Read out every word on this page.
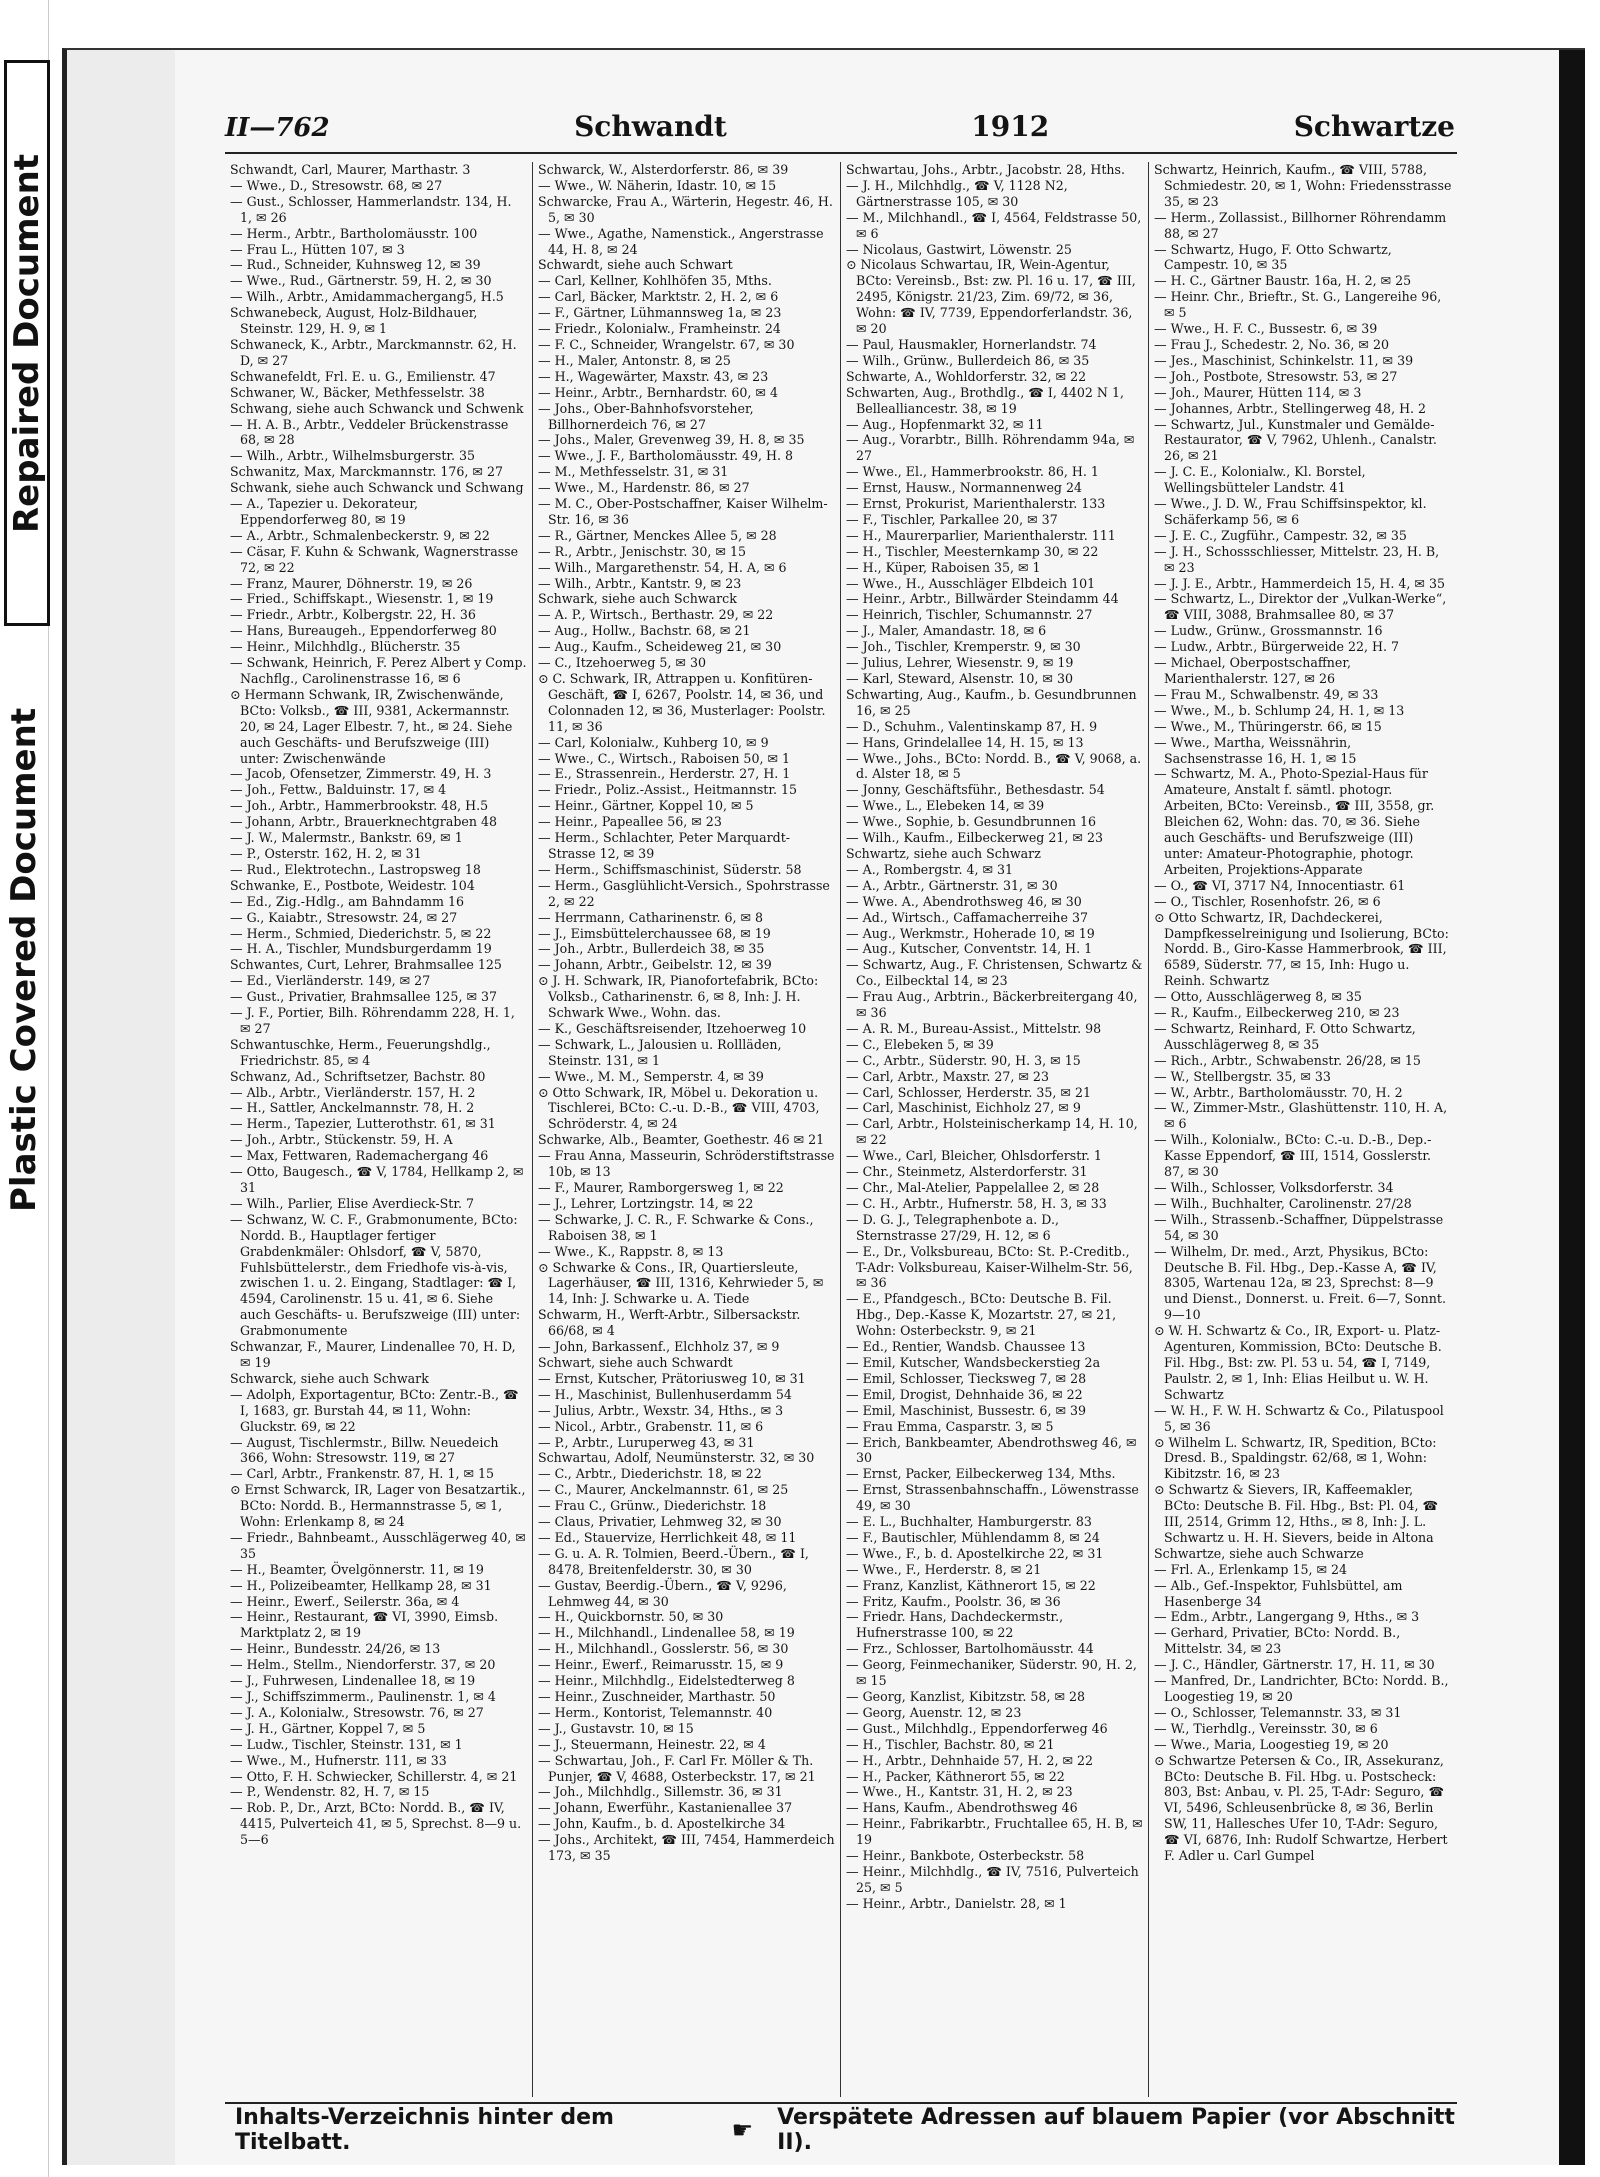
Repaired Document
Plastic Covered Document
II—762	Schwandt	1912	Schwartze
Schwandt, Carl, Maurer, Marthastr. 3
— Wwe., D., Stresowstr. 68, ✉ 27
— Gust., Schlosser, Hammerlandstr. 134, H. 1, ✉ 26
— Herm., Arbtr., Bartholomäusstr. 100
— Frau L., Hütten 107, ✉ 3
— Rud., Schneider, Kuhnsweg 12, ✉ 39
— Wwe., Rud., Gärtnerstr. 59, H. 2, ✉ 30
— Wilh., Arbtr., Amidammachergang5, H.5
Schwanebeck, August, Holz-Bildhauer, Steinstr. 129, H. 9, ✉ 1
Schwaneck, K., Arbtr., Marckmannstr. 62, H. D, ✉ 27
Schwanefeldt, Frl. E. u. G., Emilienstr. 47
Schwaner, W., Bäcker, Methfesselstr. 38
Schwang, siehe auch Schwanck und Schwenk
— H. A. B., Arbtr., Veddeler Brückenstrasse 68, ✉ 28
— Wilh., Arbtr., Wilhelmsburgerstr. 35
Schwanitz, Max, Marckmannstr. 176, ✉ 27
Schwank, siehe auch Schwanck und Schwang
— A., Tapezier u. Dekorateur, Eppendorferweg 80, ✉ 19
— A., Arbtr., Schmalenbeckerstr. 9, ✉ 22
— Cäsar, F. Kuhn & Schwank, Wagnerstrasse 72, ✉ 22
— Franz, Maurer, Döhnerstr. 19, ✉ 26
— Fried., Schiffskapt., Wiesenstr. 1, ✉ 19
— Friedr., Arbtr., Kolbergstr. 22, H. 36
— Hans, Bureaugeh., Eppendorferweg 80
— Heinr., Milchhdlg., Blücherstr. 35
— Schwank, Heinrich, F. Perez Albert y Comp. Nachflg., Carolinenstrasse 16, ✉ 6
⊙ Hermann Schwank, IR, Zwischenwände, BCto: Volksb., ☎ III, 9381, Ackermannstr. 20, ✉ 24, Lager Elbestr. 7, ht., ✉ 24. Siehe auch Geschäfts- und Berufszweige (III) unter: Zwischenwände
— Jacob, Ofensetzer, Zimmerstr. 49, H. 3
— Joh., Fettw., Balduinstr. 17, ✉ 4
— Joh., Arbtr., Hammerbrookstr. 48, H.5
— Johann, Arbtr., Brauerknechtgraben 48
— J. W., Malermstr., Bankstr. 69, ✉ 1
— P., Osterstr. 162, H. 2, ✉ 31
— Rud., Elektrotechn., Lastropsweg 18
Schwanke, E., Postbote, Weidestr. 104
— Ed., Zig.-Hdlg., am Bahndamm 16
— G., Kaiabtr., Stresowstr. 24, ✉ 27
— Herm., Schmied, Diederichstr. 5, ✉ 22
— H. A., Tischler, Mundsburgerdamm 19
Schwantes, Curt, Lehrer, Brahmsallee 125
— Ed., Vierländerstr. 149, ✉ 27
— Gust., Privatier, Brahmsallee 125, ✉ 37
— J. F., Portier, Bilh. Röhrendamm 228, H. 1, ✉ 27
Schwantuschke, Herm., Feuerungshdlg., Friedrichstr. 85, ✉ 4
Schwanz, Ad., Schriftsetzer, Bachstr. 80
— Alb., Arbtr., Vierländerstr. 157, H. 2
— H., Sattler, Anckelmannstr. 78, H. 2
— Herm., Tapezier, Lutterothstr. 61, ✉ 31
— Joh., Arbtr., Stückenstr. 59, H. A
— Max, Fettwaren, Rademachergang 46
— Otto, Baugesch., ☎ V, 1784, Hellkamp 2, ✉ 31
— Wilh., Parlier, Elise Averdieck-Str. 7
— Schwanz, W. C. F., Grabmonumente, BCto: Nordd. B., Hauptlager fertiger Grabdenkmäler: Ohlsdorf, ☎ V, 5870, Fuhlsbüttelerstr., dem Friedhofe vis-à-vis, zwischen 1. u. 2. Eingang, Stadtlager: ☎ I, 4594, Carolinenstr. 15 u. 41, ✉ 6. Siehe auch Geschäfts- u. Berufszweige (III) unter: Grabmonumente
Schwanzar, F., Maurer, Lindenallee 70, H. D, ✉ 19
Schwarck, siehe auch Schwark
— Adolph, Exportagentur, BCto: Zentr.-B., ☎ I, 1683, gr. Burstah 44, ✉ 11, Wohn: Gluckstr. 69, ✉ 22
— August, Tischlermstr., Billw. Neuedeich 366, Wohn: Stresowstr. 119, ✉ 27
— Carl, Arbtr., Frankenstr. 87, H. 1, ✉ 15
⊙ Ernst Schwarck, IR, Lager von Besatzartik., BCto: Nordd. B., Hermannstrasse 5, ✉ 1, Wohn: Erlenkamp 8, ✉ 24
— Friedr., Bahnbeamt., Ausschlägerweg 40, ✉ 35
— H., Beamter, Övelgönnerstr. 11, ✉ 19
— H., Polizeibeamter, Hellkamp 28, ✉ 31
— Heinr., Ewerf., Seilerstr. 36a, ✉ 4
— Heinr., Restaurant, ☎ VI, 3990, Eimsb. Marktplatz 2, ✉ 19
— Heinr., Bundesstr. 24/26, ✉ 13
— Helm., Stellm., Niendorferstr. 37, ✉ 20
— J., Fuhrwesen, Lindenallee 18, ✉ 19
— J., Schiffszimmerm., Paulinenstr. 1, ✉ 4
— J. A., Kolonialw., Stresowstr. 76, ✉ 27
— J. H., Gärtner, Koppel 7, ✉ 5
— Ludw., Tischler, Steinstr. 131, ✉ 1
— Wwe., M., Hufnerstr. 111, ✉ 33
— Otto, F. H. Schwiecker, Schillerstr. 4, ✉ 21
— P., Wendenstr. 82, H. 7, ✉ 15
— Rob. P., Dr., Arzt, BCto: Nordd. B., ☎ IV, 4415, Pulverteich 41, ✉ 5, Sprechst. 8—9 u. 5—6
Schwarck, W., Alsterdorferstr. 86, ✉ 39
— Wwe., W. Näherin, Idastr. 10, ✉ 15
Schwarcke, Frau A., Wärterin, Hegestr. 46, H. 5, ✉ 30
— Wwe., Agathe, Namenstick., Angerstrasse 44, H. 8, ✉ 24
Schwardt, siehe auch Schwart
— Carl, Kellner, Kohlhöfen 35, Mths.
— Carl, Bäcker, Marktstr. 2, H. 2, ✉ 6
— F., Gärtner, Lühmannsweg 1a, ✉ 23
— Friedr., Kolonialw., Framheinstr. 24
— F. C., Schneider, Wrangelstr. 67, ✉ 30
— H., Maler, Antonstr. 8, ✉ 25
— H., Wagewärter, Maxstr. 43, ✉ 23
— Heinr., Arbtr., Bernhardstr. 60, ✉ 4
— Johs., Ober-Bahnhofsvorsteher, Billhornerdeich 76, ✉ 27
— Johs., Maler, Grevenweg 39, H. 8, ✉ 35
— Wwe., J. F., Bartholomäusstr. 49, H. 8
— M., Methfesselstr. 31, ✉ 31
— Wwe., M., Hardenstr. 86, ✉ 27
— M. C., Ober-Postschaffner, Kaiser Wilhelm-Str. 16, ✉ 36
— R., Gärtner, Menckes Allee 5, ✉ 28
— R., Arbtr., Jenischstr. 30, ✉ 15
— Wilh., Margarethenstr. 54, H. A, ✉ 6
— Wilh., Arbtr., Kantstr. 9, ✉ 23
Schwark, siehe auch Schwarck
— A. P., Wirtsch., Berthastr. 29, ✉ 22
— Aug., Hollw., Bachstr. 68, ✉ 21
— Aug., Kaufm., Scheideweg 21, ✉ 30
— C., Itzehoerweg 5, ✉ 30
⊙ C. Schwark, IR, Attrappen u. Konfitüren-Geschäft, ☎ I, 6267, Poolstr. 14, ✉ 36, und Colonnaden 12, ✉ 36, Musterlager: Poolstr. 11, ✉ 36
— Carl, Kolonialw., Kuhberg 10, ✉ 9
— Wwe., C., Wirtsch., Raboisen 50, ✉ 1
— E., Strassenrein., Herderstr. 27, H. 1
— Friedr., Poliz.-Assist., Heitmannstr. 15
— Heinr., Gärtner, Koppel 10, ✉ 5
— Heinr., Papeallee 56, ✉ 23
— Herm., Schlachter, Peter Marquardt-Strasse 12, ✉ 39
— Herm., Schiffsmaschinist, Süderstr. 58
— Herm., Gasglühlicht-Versich., Spohrstrasse 2, ✉ 22
— Herrmann, Catharinenstr. 6, ✉ 8
— J., Eimsbüttelerchaussee 68, ✉ 19
— Joh., Arbtr., Bullerdeich 38, ✉ 35
— Johann, Arbtr., Geibelstr. 12, ✉ 39
⊙ J. H. Schwark, IR, Pianofortefabrik, BCto: Volksb., Catharinenstr. 6, ✉ 8, Inh: J. H. Schwark Wwe., Wohn. das.
— K., Geschäftsreisender, Itzehoerweg 10
— Schwark, L., Jalousien u. Rollläden, Steinstr. 131, ✉ 1
— Wwe., M. M., Semperstr. 4, ✉ 39
⊙ Otto Schwark, IR, Möbel u. Dekoration u. Tischlerei, BCto: C.-u. D.-B., ☎ VIII, 4703, Schröderstr. 4, ✉ 24
Schwarke, Alb., Beamter, Goethestr. 46 ✉ 21
— Frau Anna, Masseurin, Schröderstiftstrasse 10b, ✉ 13
— F., Maurer, Ramborgersweg 1, ✉ 22
— J., Lehrer, Lortzingstr. 14, ✉ 22
— Schwarke, J. C. R., F. Schwarke & Cons., Raboisen 38, ✉ 1
— Wwe., K., Rappstr. 8, ✉ 13
⊙ Schwarke & Cons., IR, Quartiersleute, Lagerhäuser, ☎ III, 1316, Kehrwieder 5, ✉ 14, Inh: J. Schwarke u. A. Tiede
Schwarm, H., Werft-Arbtr., Silbersackstr. 66/68, ✉ 4
— John, Barkassenf., Elchholz 37, ✉ 9
Schwart, siehe auch Schwardt
— Ernst, Kutscher, Prätoriusweg 10, ✉ 31
— H., Maschinist, Bullenhuserdamm 54
— Julius, Arbtr., Wexstr. 34, Hths., ✉ 3
— Nicol., Arbtr., Grabenstr. 11, ✉ 6
— P., Arbtr., Luruperweg 43, ✉ 31
Schwartau, Adolf, Neumünsterstr. 32, ✉ 30
— C., Arbtr., Diederichstr. 18, ✉ 22
— C., Maurer, Anckelmannstr. 61, ✉ 25
— Frau C., Grünw., Diederichstr. 18
— Claus, Privatier, Lehmweg 32, ✉ 30
— Ed., Stauervize, Herrlichkeit 48, ✉ 11
— G. u. A. R. Tolmien, Beerd.-Übern., ☎ I, 8478, Breitenfelderstr. 30, ✉ 30
— Gustav, Beerdig.-Übern., ☎ V, 9296, Lehmweg 44, ✉ 30
— H., Quickbornstr. 50, ✉ 30
— H., Milchhandl., Lindenallee 58, ✉ 19
— H., Milchhandl., Gosslerstr. 56, ✉ 30
— Heinr., Ewerf., Reimarusstr. 15, ✉ 9
— Heinr., Milchhdlg., Eidelstedterweg 8
— Heinr., Zuschneider, Marthastr. 50
— Herm., Kontorist, Telemannstr. 40
— J., Gustavstr. 10, ✉ 15
— J., Steuermann, Heinestr. 22, ✉ 4
— Schwartau, Joh., F. Carl Fr. Möller & Th. Punjer, ☎ V, 4688, Osterbeckstr. 17, ✉ 21
— Joh., Milchhdlg., Sillemstr. 36, ✉ 31
— Johann, Ewerführ., Kastanienallee 37
— John, Kaufm., b. d. Apostelkirche 34
— Johs., Architekt, ☎ III, 7454, Hammerdeich 173, ✉ 35
Schwartau, Johs., Arbtr., Jacobstr. 28, Hths.
— J. H., Milchhdlg., ☎ V, 1128 N2, Gärtnerstrasse 105, ✉ 30
— M., Milchhandl., ☎ I, 4564, Feldstrasse 50, ✉ 6
— Nicolaus, Gastwirt, Löwenstr. 25
⊙ Nicolaus Schwartau, IR, Wein-Agentur, BCto: Vereinsb., Bst: zw. Pl. 16 u. 17, ☎ III, 2495, Königstr. 21/23, Zim. 69/72, ✉ 36, Wohn: ☎ IV, 7739, Eppendorferlandstr. 36, ✉ 20
— Paul, Hausmakler, Hornerlandstr. 74
— Wilh., Grünw., Bullerdeich 86, ✉ 35
Schwarte, A., Wohldorferstr. 32, ✉ 22
Schwarten, Aug., Brothdlg., ☎ I, 4402 N 1, Bellealliancestr. 38, ✉ 19
— Aug., Hopfenmarkt 32, ✉ 11
— Aug., Vorarbtr., Billh. Röhrendamm 94a, ✉ 27
— Wwe., El., Hammerbrookstr. 86, H. 1
— Ernst, Hausw., Normannenweg 24
— Ernst, Prokurist, Marienthalerstr. 133
— F., Tischler, Parkallee 20, ✉ 37
— H., Maurerparlier, Marienthalerstr. 111
— H., Tischler, Meesternkamp 30, ✉ 22
— H., Küper, Raboisen 35, ✉ 1
— Wwe., H., Ausschläger Elbdeich 101
— Heinr., Arbtr., Billwärder Steindamm 44
— Heinrich, Tischler, Schumannstr. 27
— J., Maler, Amandastr. 18, ✉ 6
— Joh., Tischler, Kremperstr. 9, ✉ 30
— Julius, Lehrer, Wiesenstr. 9, ✉ 19
— Karl, Steward, Alsenstr. 10, ✉ 30
Schwarting, Aug., Kaufm., b. Gesundbrunnen 16, ✉ 25
— D., Schuhm., Valentinskamp 87, H. 9
— Hans, Grindelallee 14, H. 15, ✉ 13
— Wwe., Johs., BCto: Nordd. B., ☎ V, 9068, a. d. Alster 18, ✉ 5
— Jonny, Geschäftsführ., Bethesdastr. 54
— Wwe., L., Elebeken 14, ✉ 39
— Wwe., Sophie, b. Gesundbrunnen 16
— Wilh., Kaufm., Eilbeckerweg 21, ✉ 23
Schwartz, siehe auch Schwarz
— A., Rombergstr. 4, ✉ 31
— A., Arbtr., Gärtnerstr. 31, ✉ 30
— Wwe. A., Abendrothsweg 46, ✉ 30
— Ad., Wirtsch., Caffamacherreihe 37
— Aug., Werkmstr., Hoherade 10, ✉ 19
— Aug., Kutscher, Conventstr. 14, H. 1
— Schwartz, Aug., F. Christensen, Schwartz & Co., Eilbecktal 14, ✉ 23
— Frau Aug., Arbtrin., Bäckerbreitergang 40, ✉ 36
— A. R. M., Bureau-Assist., Mittelstr. 98
— C., Elebeken 5, ✉ 39
— C., Arbtr., Süderstr. 90, H. 3, ✉ 15
— Carl, Arbtr., Maxstr. 27, ✉ 23
— Carl, Schlosser, Herderstr. 35, ✉ 21
— Carl, Maschinist, Eichholz 27, ✉ 9
— Carl, Arbtr., Holsteinischerkamp 14, H. 10, ✉ 22
— Wwe., Carl, Bleicher, Ohlsdorferstr. 1
— Chr., Steinmetz, Alsterdorferstr. 31
— Chr., Mal-Atelier, Pappelallee 2, ✉ 28
— C. H., Arbtr., Hufnerstr. 58, H. 3, ✉ 33
— D. G. J., Telegraphenbote a. D., Sternstrasse 27/29, H. 12, ✉ 6
— E., Dr., Volksbureau, BCto: St. P.-Creditb., T-Adr: Volksbureau, Kaiser-Wilhelm-Str. 56, ✉ 36
— E., Pfandgesch., BCto: Deutsche B. Fil. Hbg., Dep.-Kasse K, Mozartstr. 27, ✉ 21, Wohn: Osterbeckstr. 9, ✉ 21
— Ed., Rentier, Wandsb. Chaussee 13
— Emil, Kutscher, Wandsbeckerstieg 2a
— Emil, Schlosser, Tiecksweg 7, ✉ 28
— Emil, Drogist, Dehnhaide 36, ✉ 22
— Emil, Maschinist, Bussestr. 6, ✉ 39
— Frau Emma, Casparstr. 3, ✉ 5
— Erich, Bankbeamter, Abendrothsweg 46, ✉ 30
— Ernst, Packer, Eilbeckerweg 134, Mths.
— Ernst, Strassenbahnschaffn., Löwenstrasse 49, ✉ 30
— E. L., Buchhalter, Hamburgerstr. 83
— F., Bautischler, Mühlendamm 8, ✉ 24
— Wwe., F., b. d. Apostelkirche 22, ✉ 31
— Wwe., F., Herderstr. 8, ✉ 21
— Franz, Kanzlist, Käthnerort 15, ✉ 22
— Fritz, Kaufm., Poolstr. 36, ✉ 36
— Friedr. Hans, Dachdeckermstr., Hufnerstrasse 100, ✉ 22
— Frz., Schlosser, Bartolhomäusstr. 44
— Georg, Feinmechaniker, Süderstr. 90, H. 2, ✉ 15
— Georg, Kanzlist, Kibitzstr. 58, ✉ 28
— Georg, Auenstr. 12, ✉ 23
— Gust., Milchhdlg., Eppendorferweg 46
— H., Tischler, Bachstr. 80, ✉ 21
— H., Arbtr., Dehnhaide 57, H. 2, ✉ 22
— H., Packer, Käthnerort 55, ✉ 22
— Wwe., H., Kantstr. 31, H. 2, ✉ 23
— Hans, Kaufm., Abendrothsweg 46
— Heinr., Fabrikarbtr., Fruchtallee 65, H. B, ✉ 19
— Heinr., Bankbote, Osterbeckstr. 58
— Heinr., Milchhdlg., ☎ IV, 7516, Pulverteich 25, ✉ 5
— Heinr., Arbtr., Danielstr. 28, ✉ 1
Schwartz, Heinrich, Kaufm., ☎ VIII, 5788, Schmiedestr. 20, ✉ 1, Wohn: Friedensstrasse 35, ✉ 23
— Herm., Zollassist., Billhorner Röhrendamm 88, ✉ 27
— Schwartz, Hugo, F. Otto Schwartz, Campestr. 10, ✉ 35
— H. C., Gärtner Baustr. 16a, H. 2, ✉ 25
— Heinr. Chr., Brieftr., St. G., Langereihe 96, ✉ 5
— Wwe., H. F. C., Bussestr. 6, ✉ 39
— Frau J., Schedestr. 2, No. 36, ✉ 20
— Jes., Maschinist, Schinkelstr. 11, ✉ 39
— Joh., Postbote, Stresowstr. 53, ✉ 27
— Joh., Maurer, Hütten 114, ✉ 3
— Johannes, Arbtr., Stellingerweg 48, H. 2
— Schwartz, Jul., Kunstmaler und Gemälde-Restaurator, ☎ V, 7962, Uhlenh., Canalstr. 26, ✉ 21
— J. C. E., Kolonialw., Kl. Borstel, Wellingsbütteler Landstr. 41
— Wwe., J. D. W., Frau Schiffsinspektor, kl. Schäferkamp 56, ✉ 6
— J. E. C., Zugführ., Campestr. 32, ✉ 35
— J. H., Schossschliesser, Mittelstr. 23, H. B, ✉ 23
— J. J. E., Arbtr., Hammerdeich 15, H. 4, ✉ 35
— Schwartz, L., Direktor der „Vulkan-Werke“, ☎ VIII, 3088, Brahmsallee 80, ✉ 37
— Ludw., Grünw., Grossmannstr. 16
— Ludw., Arbtr., Bürgerweide 22, H. 7
— Michael, Oberpostschaffner, Marienthalerstr. 127, ✉ 26
— Frau M., Schwalbenstr. 49, ✉ 33
— Wwe., M., b. Schlump 24, H. 1, ✉ 13
— Wwe., M., Thüringerstr. 66, ✉ 15
— Wwe., Martha, Weissnährin, Sachsenstrasse 16, H. 1, ✉ 15
— Schwartz, M. A., Photo-Spezial-Haus für Amateure, Anstalt f. sämtl. photogr. Arbeiten, BCto: Vereinsb., ☎ III, 3558, gr. Bleichen 62, Wohn: das. 70, ✉ 36. Siehe auch Geschäfts- und Berufszweige (III) unter: Amateur-Photographie, photogr. Arbeiten, Projektions-Apparate
— O., ☎ VI, 3717 N4, Innocentiastr. 61
— O., Tischler, Rosenhofstr. 26, ✉ 6
⊙ Otto Schwartz, IR, Dachdeckerei, Dampfkesselreinigung und Isolierung, BCto: Nordd. B., Giro-Kasse Hammerbrook, ☎ III, 6589, Süderstr. 77, ✉ 15, Inh: Hugo u. Reinh. Schwartz
— Otto, Ausschlägerweg 8, ✉ 35
— R., Kaufm., Eilbeckerweg 210, ✉ 23
— Schwartz, Reinhard, F. Otto Schwartz, Ausschlägerweg 8, ✉ 35
— Rich., Arbtr., Schwabenstr. 26/28, ✉ 15
— W., Stellbergstr. 35, ✉ 33
— W., Arbtr., Bartholomäusstr. 70, H. 2
— W., Zimmer-Mstr., Glashüttenstr. 110, H. A, ✉ 6
— Wilh., Kolonialw., BCto: C.-u. D.-B., Dep.-Kasse Eppendorf, ☎ III, 1514, Gosslerstr. 87, ✉ 30
— Wilh., Schlosser, Volksdorferstr. 34
— Wilh., Buchhalter, Carolinenstr. 27/28
— Wilh., Strassenb.-Schaffner, Düppelstrasse 54, ✉ 30
— Wilhelm, Dr. med., Arzt, Physikus, BCto: Deutsche B. Fil. Hbg., Dep.-Kasse A, ☎ IV, 8305, Wartenau 12a, ✉ 23, Sprechst: 8—9 und Dienst., Donnerst. u. Freit. 6—7, Sonnt. 9—10
⊙ W. H. Schwartz & Co., IR, Export- u. Platz-Agenturen, Kommission, BCto: Deutsche B. Fil. Hbg., Bst: zw. Pl. 53 u. 54, ☎ I, 7149, Paulstr. 2, ✉ 1, Inh: Elias Heilbut u. W. H. Schwartz
— W. H., F. W. H. Schwartz & Co., Pilatuspool 5, ✉ 36
⊙ Wilhelm L. Schwartz, IR, Spedition, BCto: Dresd. B., Spaldingstr. 62/68, ✉ 1, Wohn: Kibitzstr. 16, ✉ 23
⊙ Schwartz & Sievers, IR, Kaffeemakler, BCto: Deutsche B. Fil. Hbg., Bst: Pl. 04, ☎ III, 2514, Grimm 12, Hths., ✉ 8, Inh: J. L. Schwartz u. H. H. Sievers, beide in Altona
Schwartze, siehe auch Schwarze
— Frl. A., Erlenkamp 15, ✉ 24
— Alb., Gef.-Inspektor, Fuhlsbüttel, am Hasenberge 34
— Edm., Arbtr., Langergang 9, Hths., ✉ 3
— Gerhard, Privatier, BCto: Nordd. B., Mittelstr. 34, ✉ 23
— J. C., Händler, Gärtnerstr. 17, H. 11, ✉ 30
— Manfred, Dr., Landrichter, BCto: Nordd. B., Loogestieg 19, ✉ 20
— O., Schlosser, Telemannstr. 33, ✉ 31
— W., Tierhdlg., Vereinsstr. 30, ✉ 6
— Wwe., Maria, Loogestieg 19, ✉ 20
⊙ Schwartze Petersen & Co., IR, Assekuranz, BCto: Deutsche B. Fil. Hbg. u. Postscheck: 803, Bst: Anbau, v. Pl. 25, T-Adr: Seguro, ☎ VI, 5496, Schleusenbrücke 8, ✉ 36, Berlin SW, 11, Hallesches Ufer 10, T-Adr: Seguro, ☎ VI, 6876, Inh: Rudolf Schwartze, Herbert F. Adler u. Carl Gumpel
Inhalts-Verzeichnis hinter dem Titelbatt.	☛ Verspätete Adressen auf blauem Papier (vor Abschnitt II).
